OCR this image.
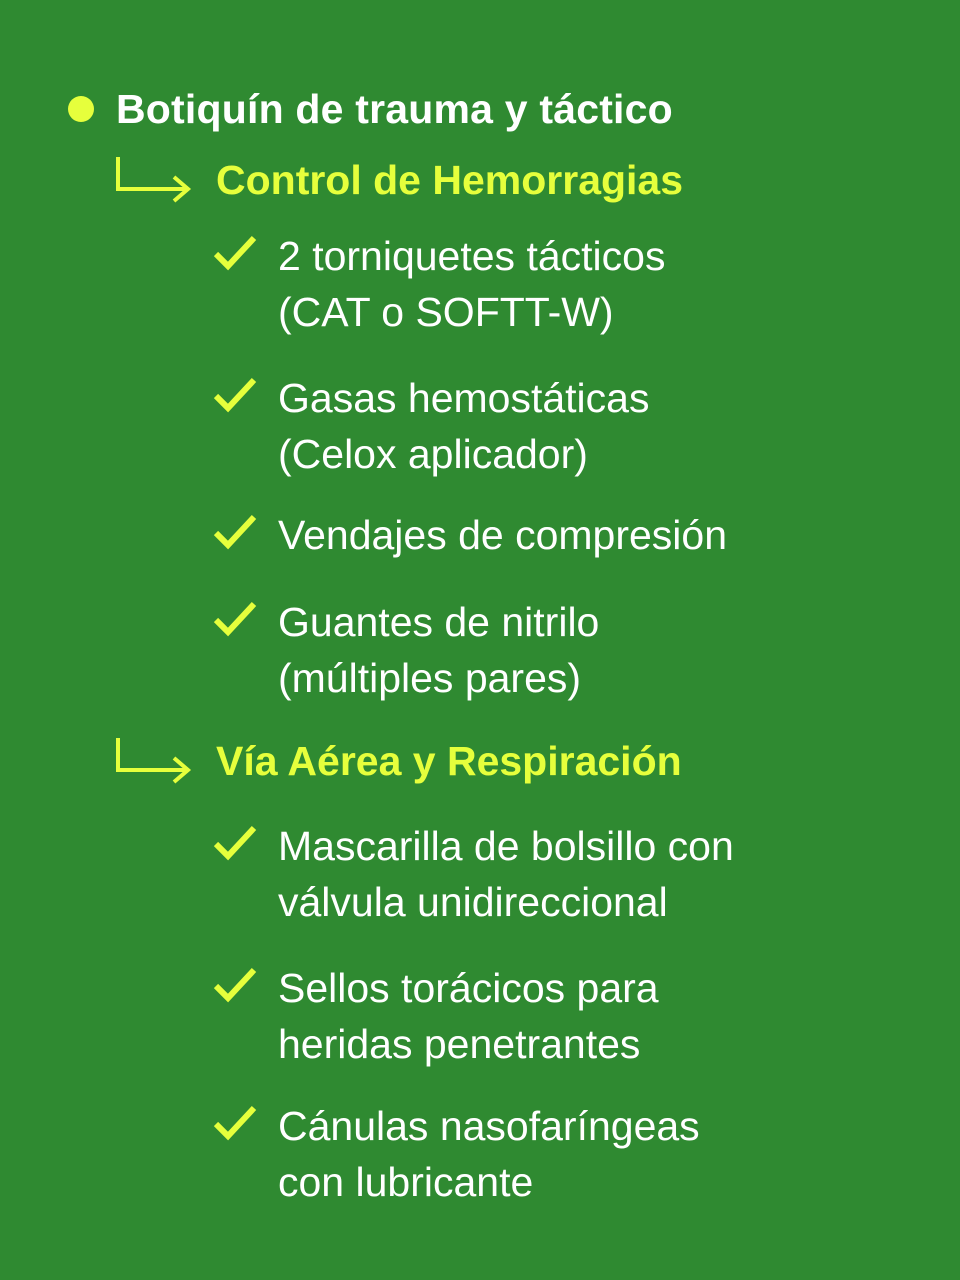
Botiquín de trauma y táctico
Control de Hemorragias
2 torniquetes tácticos
(CAT o SOFTT-W)
Gasas hemostáticas
(Celox aplicador)
Vendajes de compresión
Guantes de nitrilo
(múltiples pares)
Vía Aérea y Respiración
Mascarilla de bolsillo con
válvula unidireccional
Sellos torácicos para
heridas penetrantes
Cánulas nasofaríngeas
con lubricante
